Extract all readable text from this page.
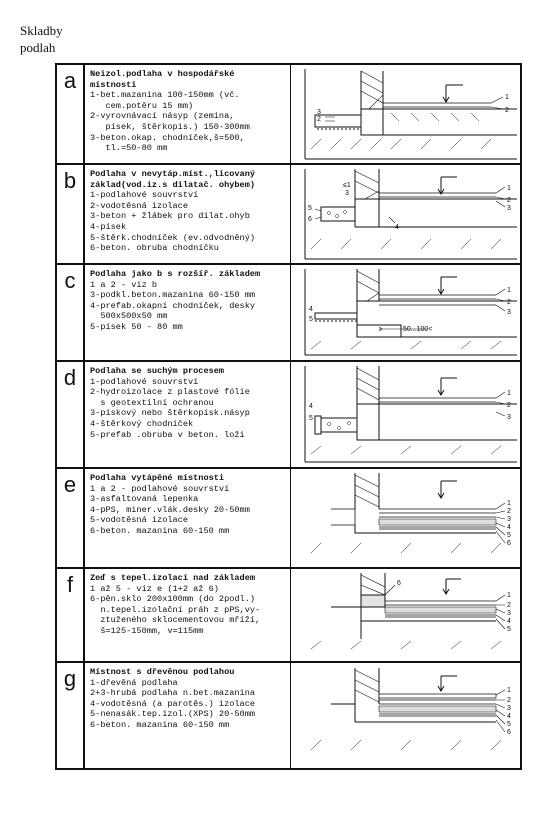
Skladby
podlah
a	Neizol.podlaha v hospodářské
místnosti
1-bet.mazanina 100-150mm (vč.
cem.potěru 15 mm)
2-vyrovnávací násyp (zemina,
písek, štěrkopis.) 150-300mm
3-beton.okap. chodníček,š=500,
tl.=50-80 mm
1
2
3
2
b	Podlaha v nevytáp.míst.,licovaný
základ(vod.iz.s dilatač. ohybem)
1-podlahové souvrství
2-vodotěsná izolace
3-beton + žlábek pro dilat.ohyb
4-písek
5-štěrk.chodníček (ev.odvodněný)
6-beton. obruba chodníčku
1
2
3
4
5
6
≤1
3
c	Podlaha jako b s rozšíř. základem
1 a 2 - viz b
3-podkl.beton.mazanina 60-150 mm
4-prefab.okapní chodníček, desky
500x500x50 mm
5-písek 50 - 80 mm
1
2
3
4
5
50...100<
d	Podlaha se suchým procesem
1-podlahové souvrství
2-hydroizolace z plastové fólie
s geotextilní ochranou
3-pískový nebo štěrkopísk.násyp
4-štěrkový chodníček
5-prefab .obruba v beton. loži
1
2
3
4
5
e	Podlaha vytápěné místnosti
1 a 2 - podlahové souvrství
3-asfaltovaná lepenka
4-pPS, miner.vlák.desky 20-50mm
5-vodotěsná izolace
6-beton. mazanina 60-150 mm
1
2
3
4
5
6
f	Zeď s tepel.izolací nad základem
1 až 5 - viz e (1+2 až 6)
6-pěn.sklo 200x100mm (do 2podl.)
n.tepel.izolační práh z pPS,vy-
ztuženého sklocementovou mříží,
š=125-150mm, v=115mm
1
2
3
4
5
6
g	Místnost s dřevěnou podlahou
1-dřevěná podlaha
2+3-hrubá podlaha n.bet.mazanina
4-vodotěsná (a parotěs.) izolace
5-nenasák.tep.izol.(XPS) 20-50mm
6-beton. mazanina 60-150 mm
1
2
3
4
5
6
